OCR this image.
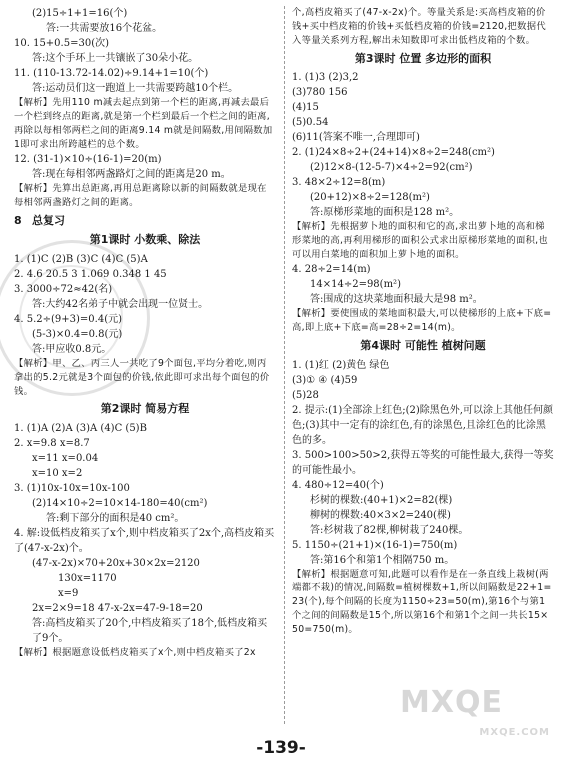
(2)15÷1+1=16(个)
答:一共需要放16个花盆。
10. 15+0.5=30(次)
答:这个手环上一共镶嵌了30朵小花。
11. (110-13.72-14.02)÷9.14+1=10(个)
答:运动员们这一跑道上一共需要跨越10个栏。
【解析】先用110 m减去起点到第一个栏的距离,再减去最后一个栏到终点的距离,就是第一个栏到最后一个栏之间的距离,再除以每相邻两栏之间的距离9.14 m就是间隔数,用间隔数加1即可求出所跨越栏的总个数。
12. (31-1)×10÷(16-1)=20(m)
答:现在每相邻两盏路灯之间的距离是20 m。
【解析】先算出总距离,再用总距离除以新的间隔数就是现在每相邻两盏路灯之间的距离。
8 总复习
第1课时 小数乘、除法
1. (1)C (2)B (3)C (4)C (5)A
2. 4.6 20.5 3 1.069 0.348 1 45
3. 3000÷72≈42(名)
答:大约42名弟子中就会出现一位贤士。
4. 5.2÷(9+3)=0.4(元)
(5-3)×0.4=0.8(元)
答:甲应收0.8元。
【解析】甲、乙、丙三人一共吃了9个面包,平均分着吃,则丙拿出的5.2元就是3个面包的价钱,依此即可求出每个面包的价钱。
第2课时 简易方程
1. (1)A (2)A (3)A (4)C (5)B
2. x=9.8 x=8.7
x=11 x=0.04
x=10 x=2
3. (1)10x-10x=10x-100
(2)14×10÷2=10×14-180=40(cm²)
答:剩下部分的面积是40 cm²。
4. 解:设低档皮箱买了x个,则中档皮箱买了2x个,高档皮箱买了(47-x-2x)个。
(47-x-2x)×70+20x+30×2x=2120
130x=1170
x=9
2x=2×9=18 47-x-2x=47-9-18=20
答:高档皮箱买了20个,中档皮箱买了18个,低档皮箱买了9个。
【解析】根据题意设低档皮箱买了x个,则中档皮箱买了2x
个,高档皮箱买了(47-x-2x)个。等量关系是:买高档皮箱的价钱+买中档皮箱的价钱+买低档皮箱的价钱=2120,把数据代入等量关系列方程,解出未知数即可求出低档皮箱的个数。
第3课时 位置 多边形的面积
1. (1)3 (2)3,2
(3)780 156
(4)15
(5)0.54
(6)11(答案不唯一,合理即可)
2. (1)24×8÷2+(24+14)×8÷2=248(cm²)
(2)12×8-(12-5-7)×4÷2=92(cm²)
3. 48×2÷12=8(m)
(20+12)×8÷2=128(m²)
答:原梯形菜地的面积是128 m²。
【解析】先根据萝卜地的面积和它的高,求出萝卜地的高和梯形菜地的高,再利用梯形的面积公式求出原梯形菜地的面积,也可以用白菜地的面积加上萝卜地的面积。
4. 28÷2=14(m)
14×14÷2=98(m²)
答:围成的这块菜地面积最大是98 m²。
【解析】要使围成的菜地面积最大,可以使梯形的上底+下底=高,即上底+下底=高=28÷2=14(m)。
第4课时 可能性 植树问题
1. (1)红 (2)黄色 绿色
(3)① ④ (4)59
(5)28
2. 提示:(1)全部涂上红色;(2)除黑色外,可以涂上其他任何颜色;(3)其中一定有的涂红色,有的涂黑色,且涂红色的比涂黑色的多。
3. 500>100>50>2,获得五等奖的可能性最大,获得一等奖的可能性最小。
4. 480÷12=40(个)
杉树的棵数:(40+1)×2=82(棵)
柳树的棵数:40×3×2=240(棵)
答:杉树栽了82棵,柳树栽了240棵。
5. 1150÷(21+1)×(16-1)=750(m)
答:第16个和第1个相隔750 m。
【解析】根据题意可知,此题可以看作是在一条直线上栽树(两端都不栽)的情况,间隔数=植树棵数+1,所以间隔数是22+1=23(个),每个间隔的长度为1150÷23=50(m),第16个与第1个之间的间隔数是15个,所以第16个和第1个之间一共长15×50=750(m)。
MXQE
MXQE.COM
-139-
